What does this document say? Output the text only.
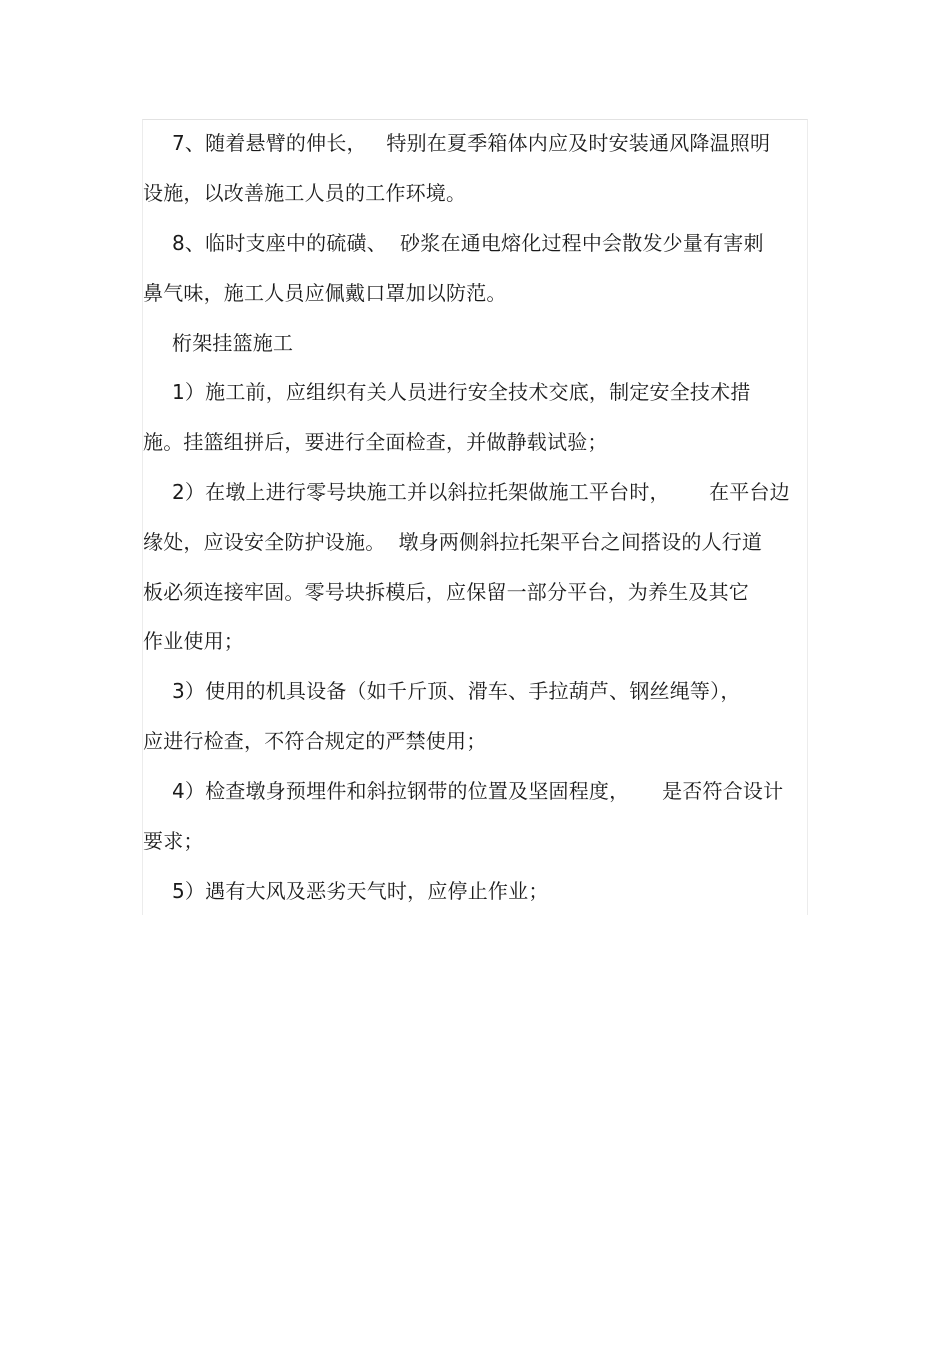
7、随着悬臂的伸长，   特别在夏季箱体内应及时安装通风降温照明
设施，以改善施工人员的工作环境。
8、临时支座中的硫磺、  砂浆在通电熔化过程中会散发少量有害刺
鼻气味，施工人员应佩戴口罩加以防范。
桁架挂篮施工
1）施工前，应组织有关人员进行安全技术交底，制定安全技术措
施。挂篮组拼后，要进行全面检查，并做静载试验；
2）在墩上进行零号块施工并以斜拉托架做施工平台时，      在平台边
缘处，应设安全防护设施。  墩身两侧斜拉托架平台之间搭设的人行道
板必须连接牢固。零号块拆模后，应保留一部分平台，为养生及其它
作业使用；
3）使用的机具设备（如千斤顶、滑车、手拉葫芦、钢丝绳等），
应进行检查，不符合规定的严禁使用；
4）检查墩身预埋件和斜拉钢带的位置及坚固程度，     是否符合设计
要求；
5）遇有大风及恶劣天气时，应停止作业；
